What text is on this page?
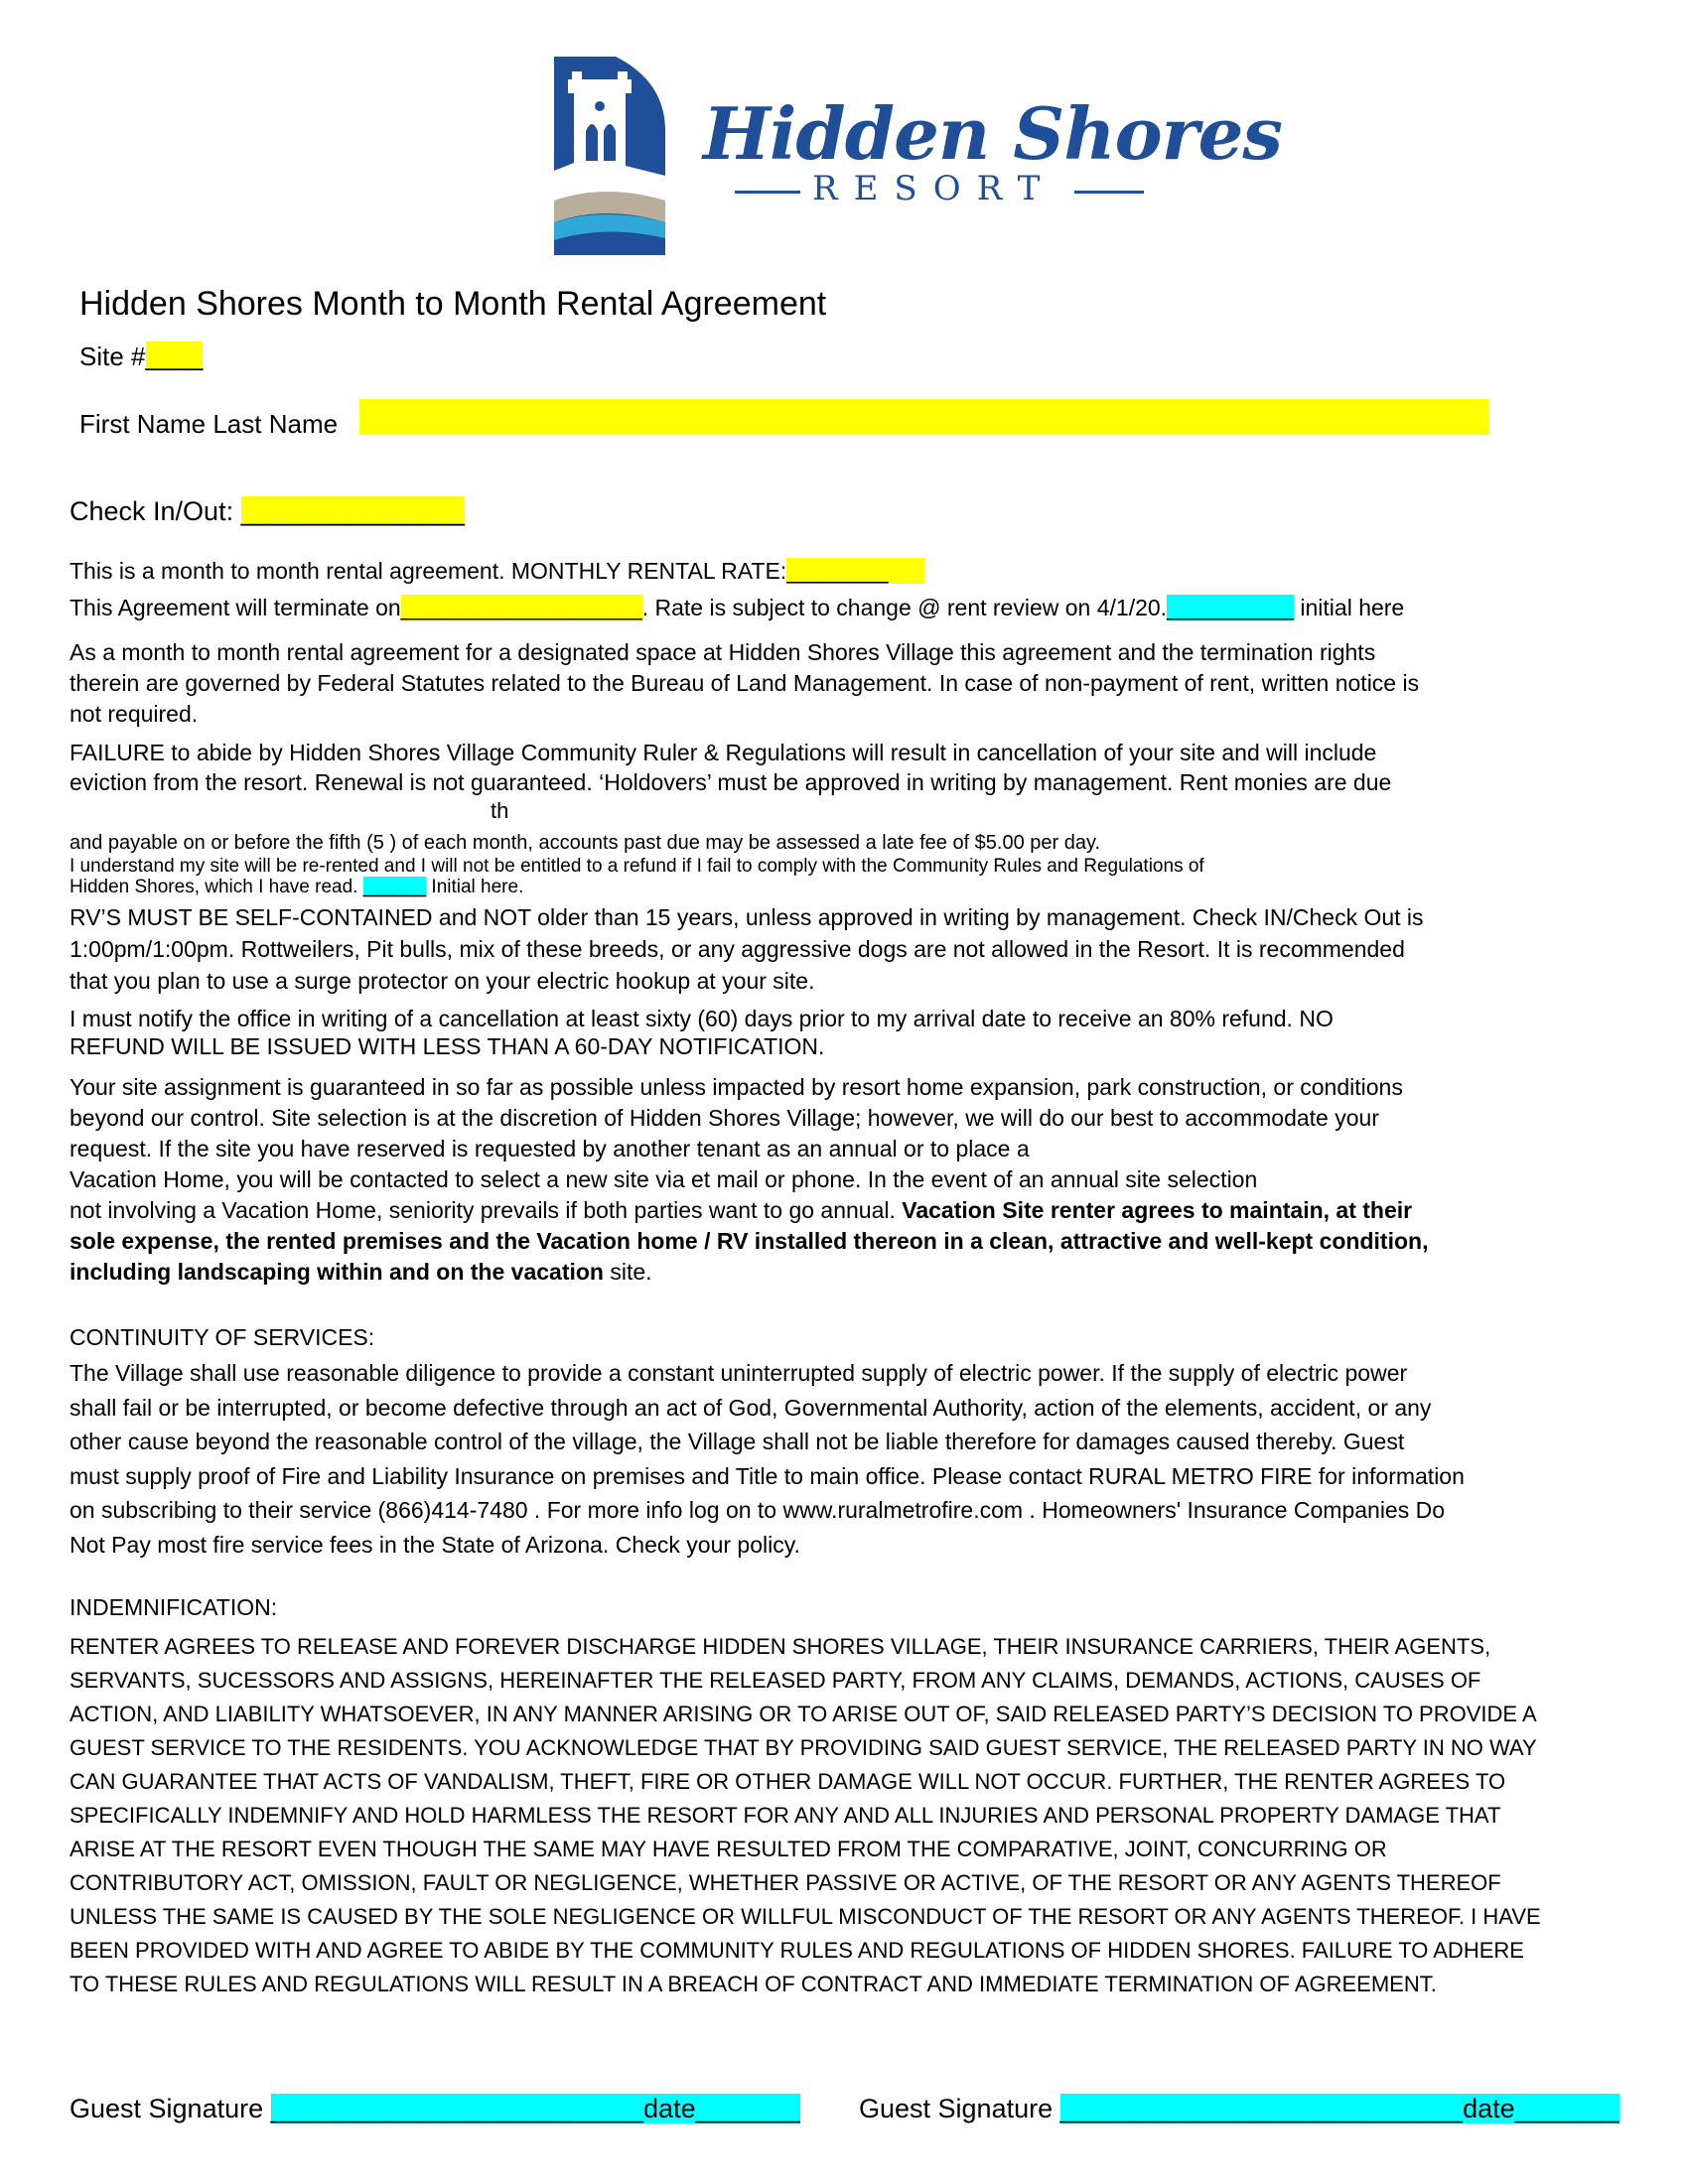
Hidden Shores
RESORT
Hidden Shores Month to Month Rental Agreement
Site #____
First Name Last Name
Check In/Out: _______________
This is a month to month rental agreement. MONTHLY RENTAL RATE:________
This Agreement will terminate on___________________. Rate is subject to change @ rent review on 4/1/20.__________ initial here
As a month to month rental agreement for a designated space at Hidden Shores Village this agreement and the termination rights
therein are governed by Federal Statutes related to the Bureau of Land Management. In case of non‐payment of rent, written notice is
not required.
FAILURE to abide by Hidden Shores Village Community Ruler & Regulations will result in cancellation of your site and will include
eviction from the resort. Renewal is not guaranteed. ‘Holdovers’ must be approved in writing by management. Rent monies are due
th
and payable on or before the fifth (5 ) of each month, accounts past due may be assessed a late fee of $5.00 per day.
I understand my site will be re‐rented and I will not be entitled to a refund if I fail to comply with the Community Rules and Regulations of
Hidden Shores, which I have read. ______ Initial here.
RV’S MUST BE SELF‐CONTAINED and NOT older than 15 years, unless approved in writing by management. Check IN/Check Out is
1:00pm/1:00pm. Rottweilers, Pit bulls, mix of these breeds, or any aggressive dogs are not allowed in the Resort. It is recommended
that you plan to use a surge protector on your electric hookup at your site.
I must notify the office in writing of a cancellation at least sixty (60) days prior to my arrival date to receive an 80% refund. NO
REFUND WILL BE ISSUED WITH LESS THAN A 60‐DAY NOTIFICATION.
Your site assignment is guaranteed in so far as possible unless impacted by resort home expansion, park construction, or conditions
beyond our control. Site selection is at the discretion of Hidden Shores Village; however, we will do our best to accommodate your
request. If the site you have reserved is requested by another tenant as an annual or to place a
Vacation Home, you will be contacted to select a new site via et mail or phone. In the event of an annual site selection
not involving a Vacation Home, seniority prevails if both parties want to go annual. Vacation Site renter agrees to maintain, at their
sole expense, the rented premises and the Vacation home / RV installed thereon in a clean, attractive and well-kept condition,
including landscaping within and on the vacation site.
CONTINUITY OF SERVICES:
The Village shall use reasonable diligence to provide a constant uninterrupted supply of electric power. If the supply of electric power
shall fail or be interrupted, or become defective through an act of God, Governmental Authority, action of the elements, accident, or any
other cause beyond the reasonable control of the village, the Village shall not be liable therefore for damages caused thereby. Guest
must supply proof of Fire and Liability Insurance on premises and Title to main office. Please contact RURAL METRO FIRE for information
on subscribing to their service (866)414-7480 . For more info log on to www.ruralmetrofire.com . Homeowners' Insurance Companies Do
Not Pay most fire service fees in the State of Arizona. Check your policy.
INDEMNIFICATION:
RENTER AGREES TO RELEASE AND FOREVER DISCHARGE HIDDEN SHORES VILLAGE, THEIR INSURANCE CARRIERS, THEIR AGENTS,
SERVANTS, SUCESSORS AND ASSIGNS, HEREINAFTER THE RELEASED PARTY, FROM ANY CLAIMS, DEMANDS, ACTIONS, CAUSES OF
ACTION, AND LIABILITY WHATSOEVER, IN ANY MANNER ARISING OR TO ARISE OUT OF, SAID RELEASED PARTY’S DECISION TO PROVIDE A
GUEST SERVICE TO THE RESIDENTS. YOU ACKNOWLEDGE THAT BY PROVIDING SAID GUEST SERVICE, THE RELEASED PARTY IN NO WAY
CAN GUARANTEE THAT ACTS OF VANDALISM, THEFT, FIRE OR OTHER DAMAGE WILL NOT OCCUR. FURTHER, THE RENTER AGREES TO
SPECIFICALLY INDEMNIFY AND HOLD HARMLESS THE RESORT FOR ANY AND ALL INJURIES AND PERSONAL PROPERTY DAMAGE THAT
ARISE AT THE RESORT EVEN THOUGH THE SAME MAY HAVE RESULTED FROM THE COMPARATIVE, JOINT, CONCURRING OR
CONTRIBUTORY ACT, OMISSION, FAULT OR NEGLIGENCE, WHETHER PASSIVE OR ACTIVE, OF THE RESORT OR ANY AGENTS THEREOF
UNLESS THE SAME IS CAUSED BY THE SOLE NEGLIGENCE OR WILLFUL MISCONDUCT OF THE RESORT OR ANY AGENTS THEREOF. I HAVE
BEEN PROVIDED WITH AND AGREE TO ABIDE BY THE COMMUNITY RULES AND REGULATIONS OF HIDDEN SHORES. FAILURE TO ADHERE
TO THESE RULES AND REGULATIONS WILL RESULT IN A BREACH OF CONTRACT AND IMMEDIATE TERMINATION OF AGREEMENT.
Guest Signature _________________________date_______ Guest Signature ___________________________date_______
